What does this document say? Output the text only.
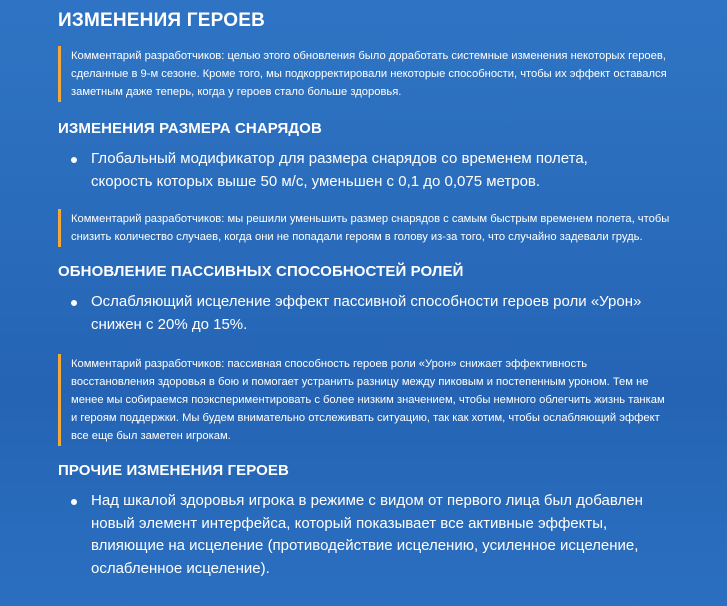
ИЗМЕНЕНИЯ ГЕРОЕВ
Комментарий разработчиков: целью этого обновления было доработать системные изменения некоторых героев, сделанные в 9-м сезоне. Кроме того, мы подкорректировали некоторые способности, чтобы их эффект оставался заметным даже теперь, когда у героев стало больше здоровья.
ИЗМЕНЕНИЯ РАЗМЕРА СНАРЯДОВ
Глобальный модификатор для размера снарядов со временем полета, скорость которых выше 50 м/с, уменьшен с 0,1 до 0,075 метров.
Комментарий разработчиков: мы решили уменьшить размер снарядов с самым быстрым временем полета, чтобы снизить количество случаев, когда они не попадали героям в голову из-за того, что случайно задевали грудь.
ОБНОВЛЕНИЕ ПАССИВНЫХ СПОСОБНОСТЕЙ РОЛЕЙ
Ослабляющий исцеление эффект пассивной способности героев роли «Урон» снижен с 20% до 15%.
Комментарий разработчиков: пассивная способность героев роли «Урон» снижает эффективность восстановления здоровья в бою и помогает устранить разницу между пиковым и постепенным уроном. Тем не менее мы собираемся поэкспериментировать с более низким значением, чтобы немного облегчить жизнь танкам и героям поддержки. Мы будем внимательно отслеживать ситуацию, так как хотим, чтобы ослабляющий эффект все еще был заметен игрокам.
ПРОЧИЕ ИЗМЕНЕНИЯ ГЕРОЕВ
Над шкалой здоровья игрока в режиме с видом от первого лица был добавлен новый элемент интерфейса, который показывает все активные эффекты, влияющие на исцеление (противодействие исцелению, усиленное исцеление, ослабленное исцеление).
